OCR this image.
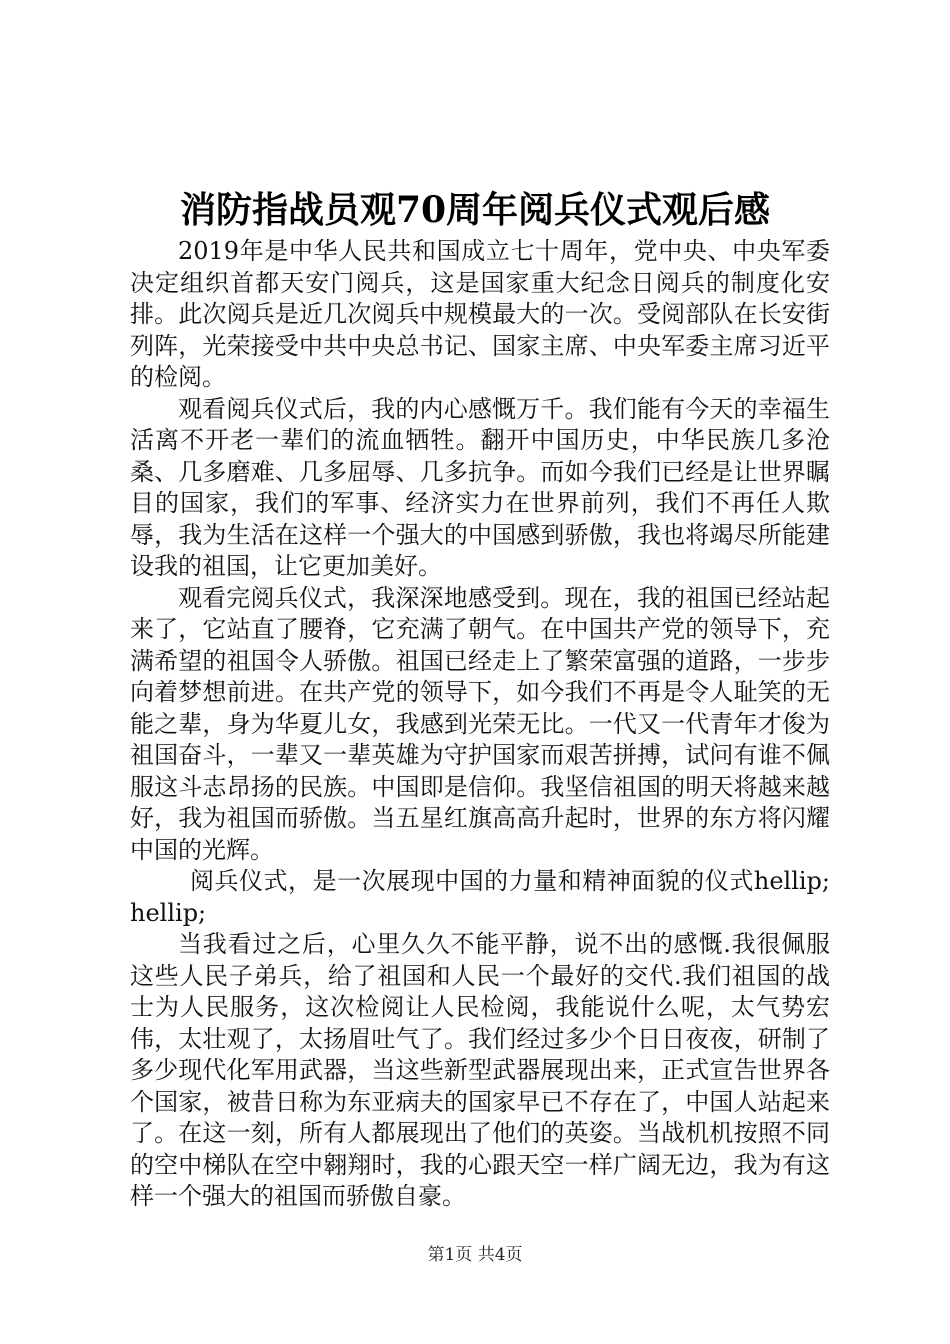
消防指战员观70周年阅兵仪式观后感

2019年是中华人民共和国成立七十周年，党中央、中央军委决定组织首都天安门阅兵，这是国家重大纪念日阅兵的制度化安排。此次阅兵是近几次阅兵中规模最大的一次。受阅部队在长安街列阵，光荣接受中共中央总书记、国家主席、中央军委主席习近平的检阅。

观看阅兵仪式后，我的内心感慨万千。我们能有今天的幸福生活离不开老一辈们的流血牺牲。翻开中国历史，中华民族几多沧桑、几多磨难、几多屈辱、几多抗争。而如今我们已经是让世界瞩目的国家，我们的军事、经济实力在世界前列，我们不再任人欺辱，我为生活在这样一个强大的中国感到骄傲，我也将竭尽所能建设我的祖国，让它更加美好。

观看完阅兵仪式，我深深地感受到。现在，我的祖国已经站起来了，它站直了腰脊，它充满了朝气。在中国共产党的领导下，充满希望的祖国令人骄傲。祖国已经走上了繁荣富强的道路，一步步向着梦想前进。在共产党的领导下，如今我们不再是令人耻笑的无能之辈，身为华夏儿女，我感到光荣无比。一代又一代青年才俊为祖国奋斗，一辈又一辈英雄为守护国家而艰苦拼搏，试问有谁不佩服这斗志昂扬的民族。中国即是信仰。我坚信祖国的明天将越来越好，我为祖国而骄傲。当五星红旗高高升起时，世界的东方将闪耀中国的光辉。

阅兵仪式，是一次展现中国的力量和精神面貌的仪式hellip;hellip;

当我看过之后，心里久久不能平静，说不出的感慨.我很佩服这些人民子弟兵，给了祖国和人民一个最好的交代.我们祖国的战士为人民服务，这次检阅让人民检阅，我能说什么呢，太气势宏伟，太壮观了，太扬眉吐气了。我们经过多少个日日夜夜，研制了多少现代化军用武器，当这些新型武器展现出来，正式宣告世界各个国家，被昔日称为东亚病夫的国家早已不存在了，中国人站起来了。在这一刻，所有人都展现出了他们的英姿。当战机机按照不同的空中梯队在空中翱翔时，我的心跟天空一样广阔无边，我为有这样一个强大的祖国而骄傲自豪。

第1页 共4页
